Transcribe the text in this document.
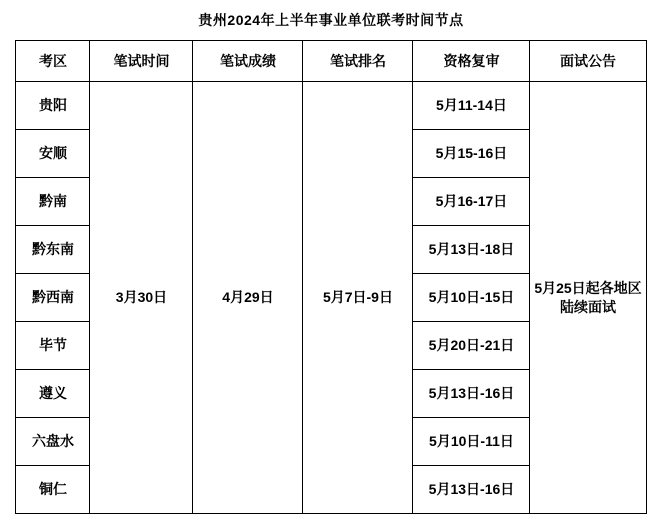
贵州2024年上半年事业单位联考时间节点					
考区	笔试时间	笔试成绩	笔试排名	资格复审	面试公告
贵阳	3月30日	4月29日	5月7日-9日	5月11-14日	5月25日起各地区陆续面试
安顺				5月15-16日	
黔南				5月16-17日	
黔东南				5月13日-18日	
黔西南				5月10日-15日	
毕节				5月20日-21日	
遵义				5月13日-16日	
六盘水				5月10日-11日	
铜仁				5月13日-16日	
